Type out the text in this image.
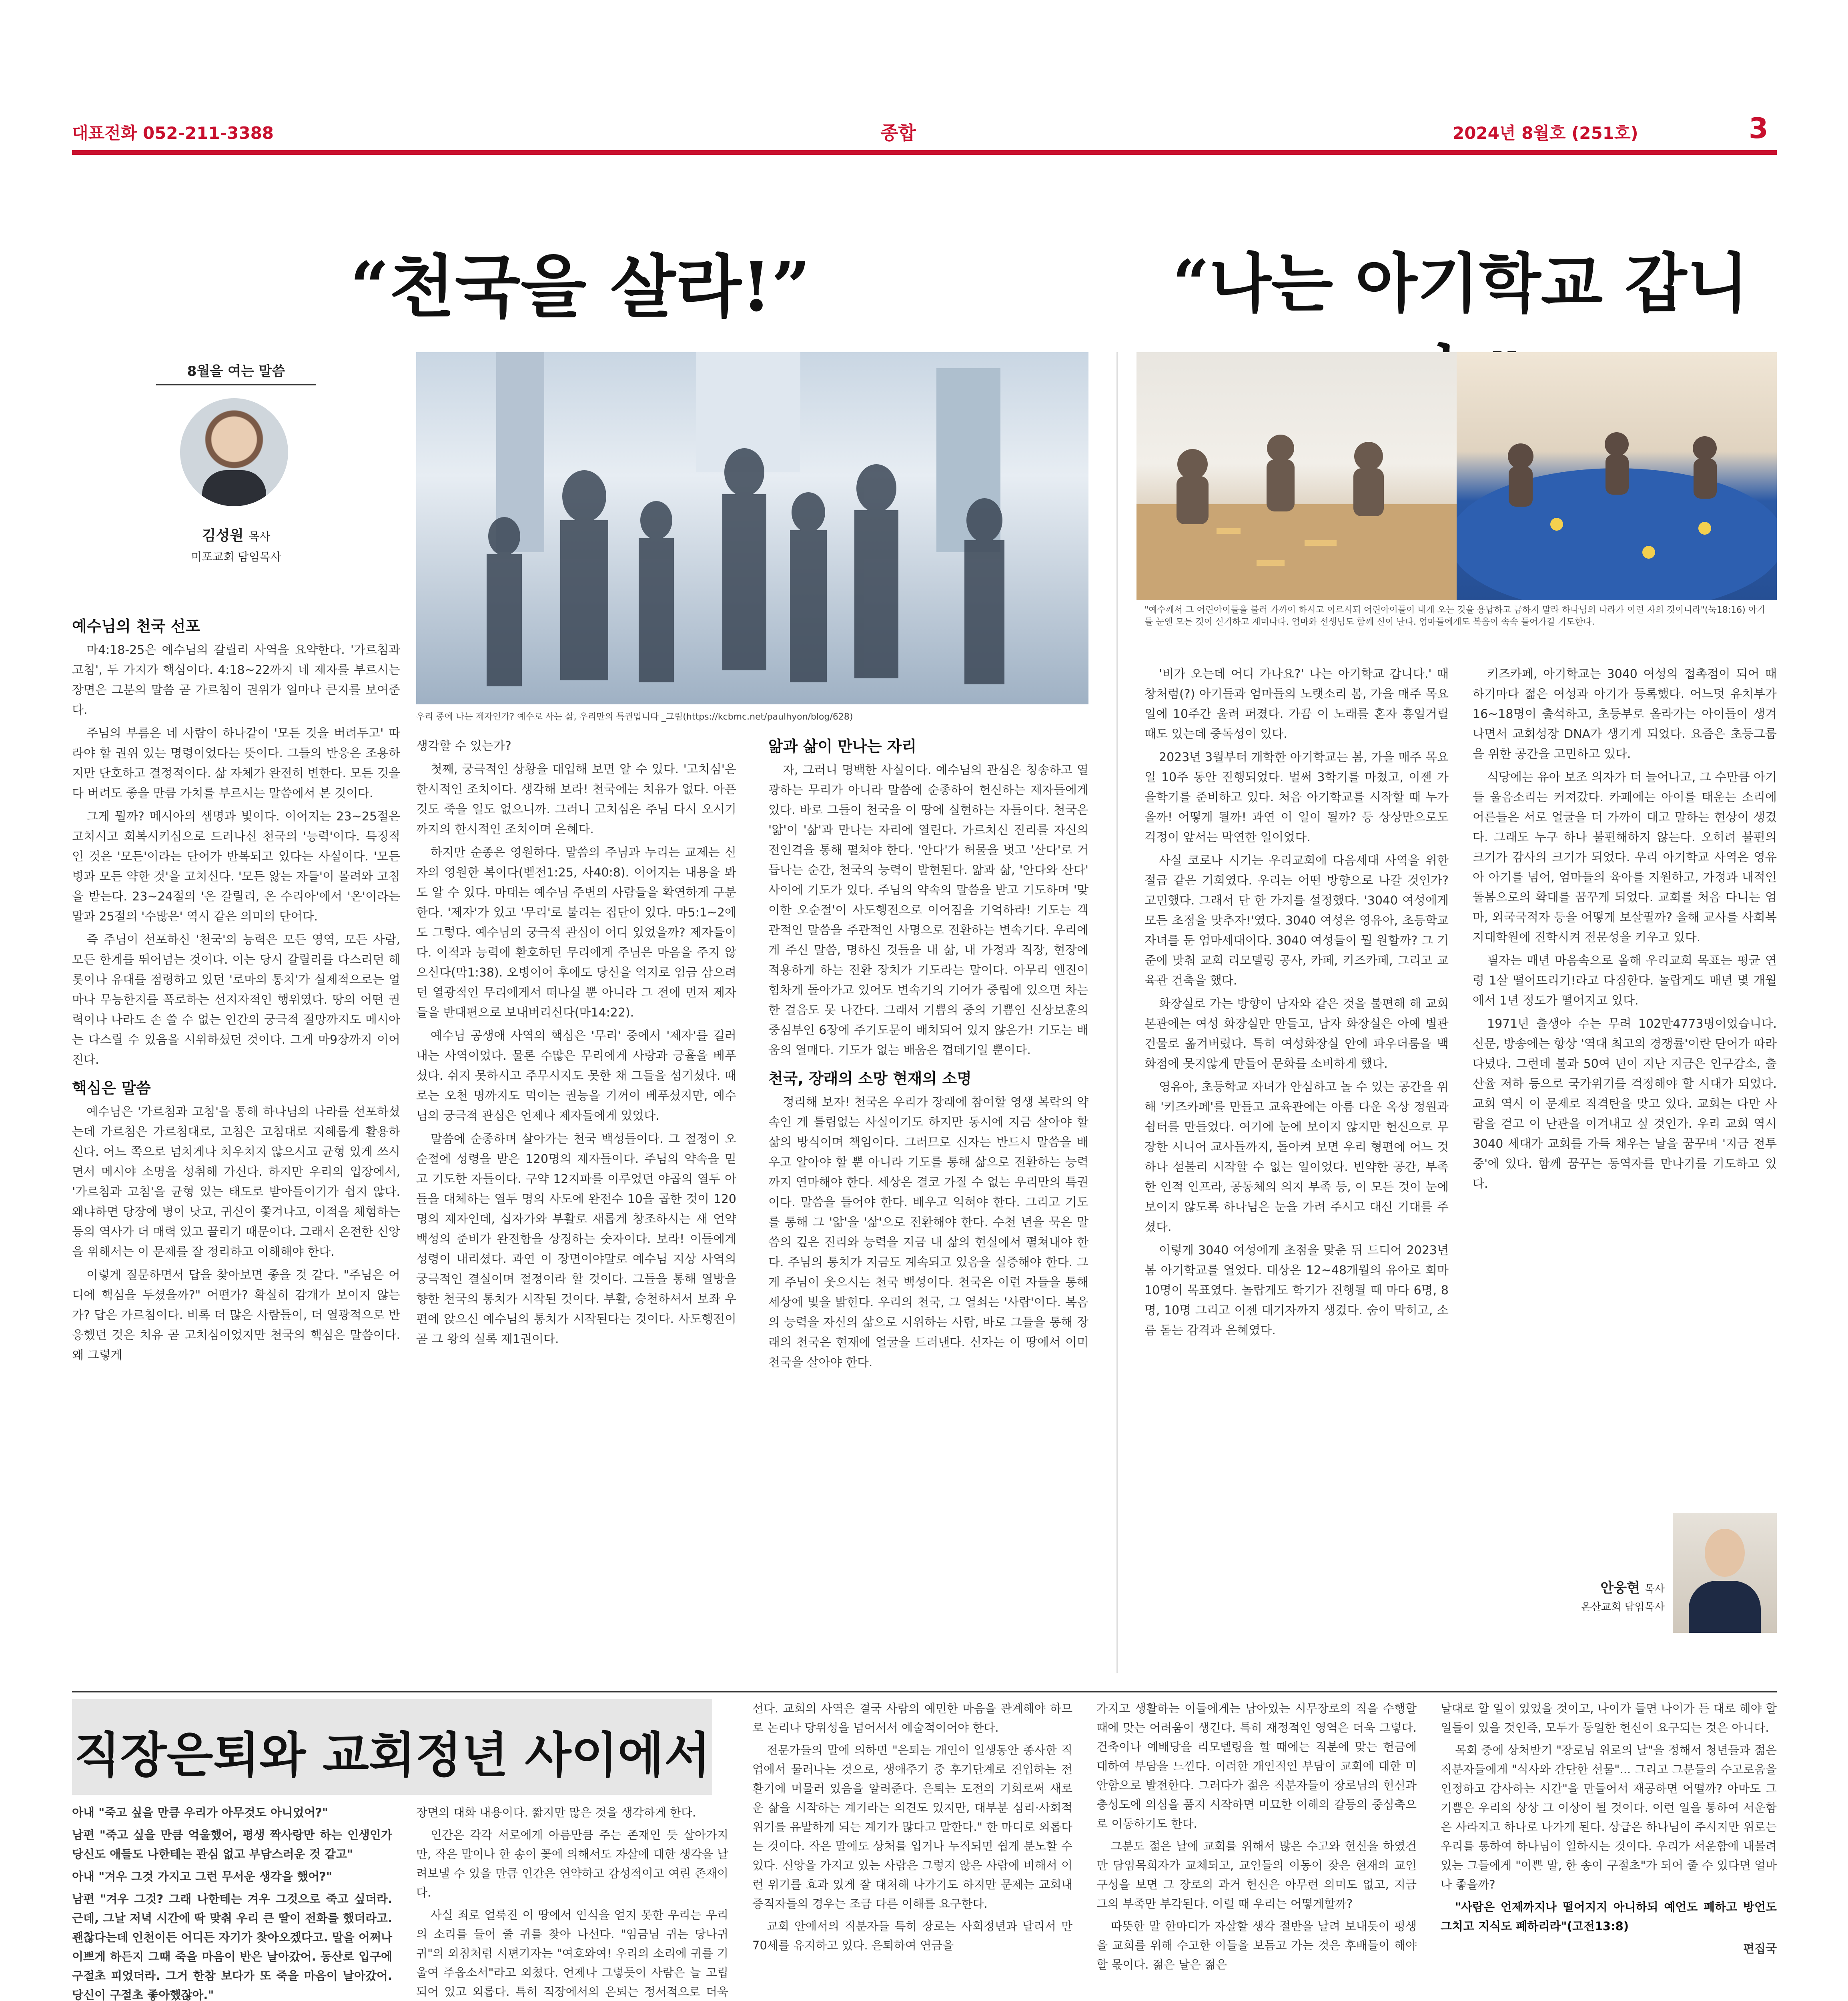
대표전화 052-211-3388	종합	2024년 8월호 (251호)	3
“천국을 살라!”
8월을 여는 말씀
김성원 목사
미포교회 담임목사
예수님의 천국 선포

마4:18-25은 예수님의 갈릴리 사역을 요약한다. '가르침과 고침', 두 가지가 핵심이다. 4:18~22까지 네 제자를 부르시는 장면은 그분의 말씀 곧 가르침이 권위가 얼마나 큰지를 보여준다.

주님의 부름은 네 사람이 하나같이 '모든 것을 버려두고' 따라야 할 권위 있는 명령이었다는 뜻이다. 그들의 반응은 조용하지만 단호하고 결정적이다. 삶 자체가 완전히 변한다. 모든 것을 다 버려도 좋을 만큼 가치를 부르시는 말씀에서 본 것이다.

그게 뭘까? 메시아의 샘명과 빛이다. 이어지는 23~25절은 고치시고 회복시키심으로 드러나신 천국의 '능력'이다. 특징적인 것은 '모든'이라는 단어가 반복되고 있다는 사실이다. '모든 병과 모든 약한 것'을 고치신다. '모든 앓는 자들'이 몰려와 고침을 받는다. 23~24절의 '온 갈릴리, 온 수리아'에서 '온'이라는 말과 25절의 '수많은' 역시 같은 의미의 단어다.

즉 주님이 선포하신 '천국'의 능력은 모든 영역, 모든 사람, 모든 한계를 뛰어넘는 것이다. 이는 당시 갈릴리를 다스리던 헤롯이나 유대를 점령하고 있던 '로마의 통치'가 실제적으로는 얼마나 무능한지를 폭로하는 선지자적인 행위였다. 땅의 어떤 권력이나 나라도 손 쓸 수 없는 인간의 궁극적 절망까지도 메시아는 다스릴 수 있음을 시위하셨던 것이다. 그게 마9장까지 이어진다.

핵심은 말씀

예수님은 '가르침과 고침'을 통해 하나님의 나라를 선포하셨는데 가르침은 가르침대로, 고침은 고침대로 지혜롭게 활용하신다. 어느 쪽으로 넘치게나 치우치지 않으시고 균형 있게 쓰시면서 메시야 소명을 성취해 가신다. 하지만 우리의 입장에서, '가르침과 고침'을 균형 있는 태도로 받아들이기가 쉽지 않다. 왜냐하면 당장에 병이 낫고, 귀신이 쫓겨나고, 이적을 체험하는 등의 역사가 더 매력 있고 끌리기 때문이다. 그래서 온전한 신앙을 위해서는 이 문제를 잘 정리하고 이해해야 한다.

이렇게 질문하면서 답을 찾아보면 좋을 것 같다. "주님은 어디에 핵심을 두셨을까?" 어떤가? 확실히 감개가 보이지 않는가? 답은 가르침이다. 비록 더 많은 사람들이, 더 열광적으로 반응했던 것은 치유 곧 고치심이었지만 천국의 핵심은 말씀이다. 왜 그렇게

우리 중에 나는 제자인가? 예수로 사는 삶, 우리만의 특권입니다 _그림(https://kcbmc.net/paulhyon/blog/628)

생각할 수 있는가?

첫째, 궁극적인 상황을 대입해 보면 알 수 있다. '고치심'은 한시적인 조치이다. 생각해 보라! 천국에는 치유가 없다. 아픈 것도 죽을 일도 없으니까. 그러니 고치심은 주님 다시 오시기까지의 한시적인 조치이며 은혜다.

하지만 순종은 영원하다. 말씀의 주님과 누리는 교제는 신자의 영원한 복이다(벧전1:25, 사40:8). 이어지는 내용을 봐도 알 수 있다. 마태는 예수님 주변의 사람들을 확연하게 구분한다. '제자'가 있고 '무리'로 불리는 집단이 있다. 마5:1~2에도 그렇다. 예수님의 궁극적 관심이 어디 있었을까? 제자들이다. 이적과 능력에 환호하던 무리에게 주님은 마음을 주지 않으신다(막1:38). 오병이어 후에도 당신을 억지로 임금 삼으려던 열광적인 무리에게서 떠나실 뿐 아니라 그 전에 먼저 제자들을 반대편으로 보내버리신다(마14:22).

예수님 공생애 사역의 핵심은 '무리' 중에서 '제자'를 길러내는 사역이었다. 물론 수많은 무리에게 사랑과 긍휼을 베푸셨다. 쉬지 못하시고 주무시지도 못한 채 그들을 섬기셨다. 때로는 오천 명까지도 먹이는 권능을 기꺼이 베푸셨지만, 예수님의 궁극적 관심은 언제나 제자들에게 있었다.

말씀에 순종하며 살아가는 천국 백성들이다. 그 절정이 오순절에 성령을 받은 120명의 제자들이다. 주님의 약속을 믿고 기도한 자들이다. 구약 12지파를 이루었던 야곱의 열두 아들을 대체하는 열두 명의 사도에 완전수 10을 곱한 것이 120명의 제자인데, 십자가와 부활로 새롭게 창조하시는 새 언약 백성의 준비가 완전함을 상징하는 숫자이다. 보라! 이들에게 성령이 내리셨다. 과연 이 장면이야말로 예수님 지상 사역의 궁극적인 결실이며 절정이라 할 것이다. 그들을 통해 열방을 향한 천국의 통치가 시작된 것이다. 부활, 승천하셔서 보좌 우편에 앉으신 예수님의 통치가 시작된다는 것이다. 사도행전이 곧 그 왕의 실록 제1권이다.

앎과 삶이 만나는 자리

자, 그러니 명백한 사실이다. 예수님의 관심은 칭송하고 열광하는 무리가 아니라 말씀에 순종하여 헌신하는 제자들에게 있다. 바로 그들이 천국을 이 땅에 실현하는 자들이다. 천국은 '앎'이 '삶'과 만나는 자리에 열린다. 가르치신 진리를 자신의 전인격을 통해 펼쳐야 한다. '안다'가 허물을 벗고 '산다'로 거듭나는 순간, 천국의 능력이 발현된다. 앎과 삶, '안다와 산다' 사이에 기도가 있다. 주님의 약속의 말씀을 받고 기도하며 '맞이한 오순절'이 사도행전으로 이어짐을 기억하라! 기도는 객관적인 말씀을 주관적인 사명으로 전환하는 변속기다. 우리에게 주신 말씀, 명하신 것들을 내 삶, 내 가정과 직장, 현장에 적용하게 하는 전환 장치가 기도라는 말이다. 아무리 엔진이 힘차게 돌아가고 있어도 변속기의 기어가 중립에 있으면 차는 한 걸음도 못 나간다. 그래서 기쁨의 중의 기쁨인 신상보훈의 중심부인 6장에 주기도문이 배치되어 있지 않은가! 기도는 배움의 열매다. 기도가 없는 배움은 껍데기일 뿐이다.

천국, 장래의 소망 현재의 소명

정리해 보자! 천국은 우리가 장래에 참여할 영생 복락의 약속인 게 틀림없는 사실이기도 하지만 동시에 지금 살아야 할 삶의 방식이며 책임이다. 그러므로 신자는 반드시 말씀을 배우고 알아야 할 뿐 아니라 기도를 통해 삶으로 전환하는 능력까지 연마해야 한다. 세상은 결코 가질 수 없는 우리만의 특권이다. 말씀을 들어야 한다. 배우고 익혀야 한다. 그리고 기도를 통해 그 '앎'을 '삶'으로 전환해야 한다. 수천 년을 묵은 말씀의 깊은 진리와 능력을 지금 내 삶의 현실에서 펼쳐내야 한다. 주님의 통치가 지금도 계속되고 있음을 실증해야 한다. 그게 주님이 웃으시는 천국 백성이다. 천국은 이런 자들을 통해 세상에 빛을 밝힌다. 우리의 천국, 그 열쇠는 '사람'이다. 복음의 능력을 자신의 삶으로 시위하는 사람, 바로 그들을 통해 장래의 천국은 현재에 얼굴을 드러낸다. 신자는 이 땅에서 이미 천국을 살아야 한다.

“나는 아기학교 갑니
"예수께서 그 어린아이들을 불러 가까이 하시고 이르시되 어린아이들이 내게 오는 것을 용납하고 금하지 말라 하나님의 나라가 이런 자의 것이니라"(눅18:16) 아기들 눈엔 모든 것이 신기하고 재미나다. 엄마와 선생님도 함께 신이 난다. 엄마들에게도 복음이 속속 들어가길 기도한다.

'비가 오는데 어디 가나요?' 나는 아기학교 갑니다.' 때창처럼(?) 아기들과 엄마들의 노랫소리 봄, 가을 매주 목요일에 10주간 울려 퍼졌다. 가끔 이 노래를 혼자 흥얼거릴 때도 있는데 중독성이 있다.

2023년 3월부터 개학한 아기학교는 봄, 가을 매주 목요일 10주 동안 진행되었다. 벌써 3학기를 마쳤고, 이젠 가을학기를 준비하고 있다. 처음 아기학교를 시작할 때 누가 올까! 어떻게 될까! 과연 이 일이 될까? 등 상상만으로도 걱정이 앞서는 막연한 일이었다.

사실 코로나 시기는 우리교회에 다음세대 사역을 위한 절급 같은 기회였다. 우리는 어떤 방향으로 나갈 것인가? 고민했다. 그래서 단 한 가지를 설정했다. '3040 여성에게 모든 초점을 맞추자!'였다. 3040 여성은 영유아, 초등학교 자녀를 둔 엄마세대이다. 3040 여성들이 뭘 원할까? 그 기준에 맞춰 교회 리모델링 공사, 카페, 키즈카페, 그리고 교육관 건축을 했다.

화장실로 가는 방향이 남자와 같은 것을 불편해 해 교회 본관에는 여성 화장실만 만들고, 남자 화장실은 아예 별관 건물로 옮겨버렸다. 특히 여성화장실 안에 파우더룸을 백화점에 못지않게 만들어 문화를 소비하게 했다.

영유아, 초등학교 자녀가 안심하고 놀 수 있는 공간을 위해 '키즈카페'를 만들고 교육관에는 아름 다운 옥상 정원과 쉼터를 만들었다. 여기에 눈에 보이지 않지만 헌신으로 무장한 시니어 교사들까지, 돌아켜 보면 우리 형편에 어느 것 하나 섣불리 시작할 수 없는 일이었다. 빈약한 공간, 부족한 인적 인프라, 공동체의 의지 부족 등, 이 모든 것이 눈에 보이지 않도록 하나님은 눈을 가려 주시고 대신 기대를 주셨다.

이렇게 3040 여성에게 초점을 맞춘 뒤 드디어 2023년 봄 아기학교를 열었다. 대상은 12~48개월의 유아로 회마 10명이 목표였다. 놀랍게도 학기가 진행될 때 마다 6명, 8명, 10명 그리고 이젠 대기자까지 생겼다. 숨이 막히고, 소름 돋는 감격과 은혜였다.

키즈카페, 아기학교는 3040 여성의 접촉점이 되어 때 하기마다 젊은 여성과 아기가 등록했다. 어느덧 유치부가 16~18명이 출석하고, 초등부로 올라가는 아이들이 생겨나면서 교회성장 DNA가 생기게 되었다. 요즘은 초등그룹을 위한 공간을 고민하고 있다.

식당에는 유아 보조 의자가 더 늘어나고, 그 수만큼 아기들 울음소리는 커져갔다. 카페에는 아이를 태운는 소리에 어른들은 서로 얼굴을 더 가까이 대고 말하는 현상이 생겼다. 그래도 누구 하나 불편해하지 않는다. 오히려 불편의 크기가 감사의 크기가 되었다. 우리 아기학교 사역은 영유아 아기를 넘어, 엄마들의 육아를 지원하고, 가정과 내적인 돌봄으로의 확대를 꿈꾸게 되었다. 교회를 처음 다니는 엄마, 외국국적자 등을 어떻게 보살필까? 올해 교사를 사회복지대학원에 진학시켜 전문성을 키우고 있다.

필자는 매년 마음속으로 올해 우리교회 목표는 평균 연령 1살 떨어뜨리기!라고 다짐한다. 놀랍게도 매년 몇 개월에서 1년 정도가 떨어지고 있다.

1971년 출생아 수는 무려 102만4773명이었습니다. 신문, 방송에는 항상 '역대 최고의 경쟁률'이란 단어가 따라다녔다. 그런데 불과 50여 년이 지난 지금은 인구감소, 출산율 저하 등으로 국가위기를 걱정해야 할 시대가 되었다. 교회 역시 이 문제로 직격탄을 맞고 있다. 교회는 다만 사람을 걷고 이 난관을 이겨내고 싶 것인가. 우리 교회 역시 3040 세대가 교회를 가득 채우는 날을 꿈꾸며 '지금 전투 중'에 있다. 함께 꿈꾸는 동역자를 만나기를 기도하고 있다.

안웅현 목사
온산교회 담임목사
직장은퇴와 교회정년 사이에서

아내 "죽고 싶을 만큼 우리가 아무것도 아니었어?"

남편 "죽고 싶을 만큼 억울했어, 평생 짝사랑만 하는 인생인가 당신도 애들도 나한테는 관심 없고 부담스러운 것 같고"

아내 "겨우 그것 가지고 그런 무서운 생각을 했어?"

남편 "겨우 그것? 그래 나한테는 겨우 그것으로 죽고 싶더라. 근데, 그날 저녁 시간에 딱 맞춰 우리 큰 딸이 전화를 했더라고. 괜찮다는데 인천이든 어디든 자기가 찾아오겠다고. 말을 어쩌나 이쁘게 하든지 그때 죽을 마음이 반은 날아갔어. 동산로 입구에 구절초 피었더라. 그거 한참 보다가 또 죽을 마음이 날아갔어. 당신이 구절초 좋아했잖아."

장면의 대화 내용이다. 짧지만 많은 것을 생각하게 한다.

인간은 각각 서로에게 아름만큼 주는 존재인 듯 살아가지만, 작은 말이나 한 송이 꽃에 의해서도 자살에 대한 생각을 날려보낼 수 있을 만큼 인간은 연약하고 감성적이고 여린 존재이다.

사실 죄로 얼룩진 이 땅에서 인식을 얻지 못한 우리는 우리의 소리를 들어 줄 귀를 찾아 나선다. "임금님 귀는 당나귀 귀"의 외침처럼 시편기자는 "여호와여! 우리의 소리에 귀를 기울여 주옵소서"라고 외쳤다. 언제나 그렇듯이 사람은 늘 고립되어 있고 외롭다. 특히 직장에서의 은퇴는 정서적으로 더욱

선다. 교회의 사역은 결국 사람의 예민한 마음을 관계해야 하므로 논리나 당위성을 넘어서서 예술적이어야 한다.

전문가들의 말에 의하면 "은퇴는 개인이 일생동안 종사한 직업에서 물러나는 것으로, 생애주기 중 후기단계로 진입하는 전환기에 머물러 있음을 알려준다. 은퇴는 도전의 기회로써 새로운 삶을 시작하는 계기라는 의견도 있지만, 대부분 심리·사회적 위기를 유발하게 되는 계기가 많다고 말한다." 한 마디로 외롭다는 것이다. 작은 말에도 상처를 입거나 누적되면 쉽게 분노할 수 있다. 신앙을 가지고 있는 사람은 그렇지 않은 사람에 비해서 이런 위기를 효과 있게 잘 대처해 나가기도 하지만 문제는 교회내 증직자들의 경우는 조금 다른 이해를 요구한다.

교회 안에서의 직분자들 특히 장로는 사회정년과 달리서 만 70세를 유지하고 있다. 은퇴하여 연금을

가지고 생활하는 이들에게는 남아있는 시무장로의 직을 수행할 때에 맞는 어려움이 생긴다. 특히 재정적인 영역은 더욱 그렇다. 건축이나 예배당을 리모델링을 할 때에는 직분에 맞는 헌금에 대하여 부담을 느낀다. 이러한 개인적인 부담이 교회에 대한 미안함으로 발전한다. 그러다가 젊은 직분자들이 장로님의 헌신과 충성도에 의심을 품지 시작하면 미묘한 이해의 갈등의 중심축으로 이동하기도 한다.

그분도 젊은 날에 교회를 위해서 많은 수고와 헌신을 하였건만 담임목회자가 교체되고, 교인들의 이동이 잦은 현재의 교인 구성을 보면 그 장로의 과거 헌신은 아무런 의미도 없고, 지금 그의 부족만 부각된다. 이럴 때 우리는 어떻게할까?

따뜻한 말 한마디가 자살할 생각 절반을 날려 보내듯이 평생을 교회를 위해 수고한 이들을 보듬고 가는 것은 후배들이 해야 할 몫이다. 젊은 날은 젊은

날대로 할 일이 있었을 것이고, 나이가 들면 나이가 든 대로 해야 할 일들이 있을 것인즉, 모두가 동일한 헌신이 요구되는 것은 아니다.

목회 중에 상처받기 "장로님 위로의 날"을 정해서 청년들과 젊은 직분자들에게 "식사와 간단한 선물"... 그리고 그분들의 수고로움을 인정하고 감사하는 시간"을 만들어서 재공하면 어떨까? 아마도 그 기쁨은 우리의 상상 그 이상이 될 것이다. 이런 일을 통하여 서운함은 사라지고 하나로 나가게 된다. 상급은 하나님이 주시지만 위로는 우리를 통하여 하나님이 일하시는 것이다. 우리가 서운함에 내몰려 있는 그들에게 "이쁜 말, 한 송이 구절초"가 되어 줄 수 있다면 얼마나 좋을까?

"사람은 언제까지나 떨어지지 아니하되 예언도 폐하고 방언도 그치고 지식도 폐하리라"(고전13:8)

편집국
